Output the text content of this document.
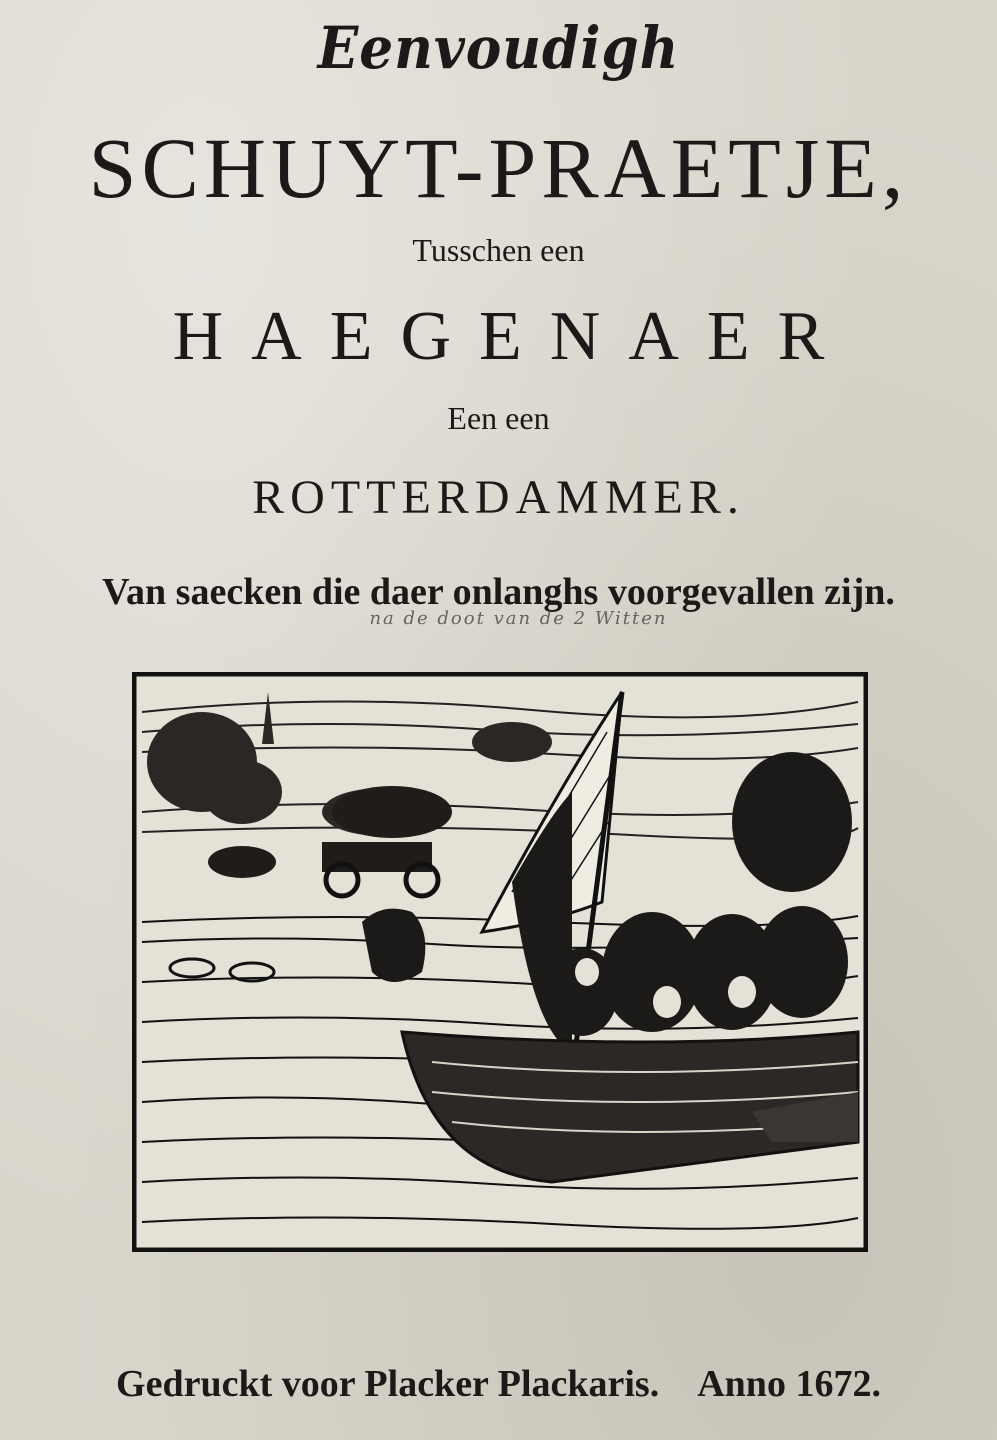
Eenvoudigh
SCHUYT-PRAETJE,
Tusschen een
HAEGENAER
Een een
ROTTERDAMMER.
Van saecken die daer onlanghs voorgevallen zijn.
na de doot van de 2 Witten
Gedruckt voor Placker Plackaris. Anno 1672.
